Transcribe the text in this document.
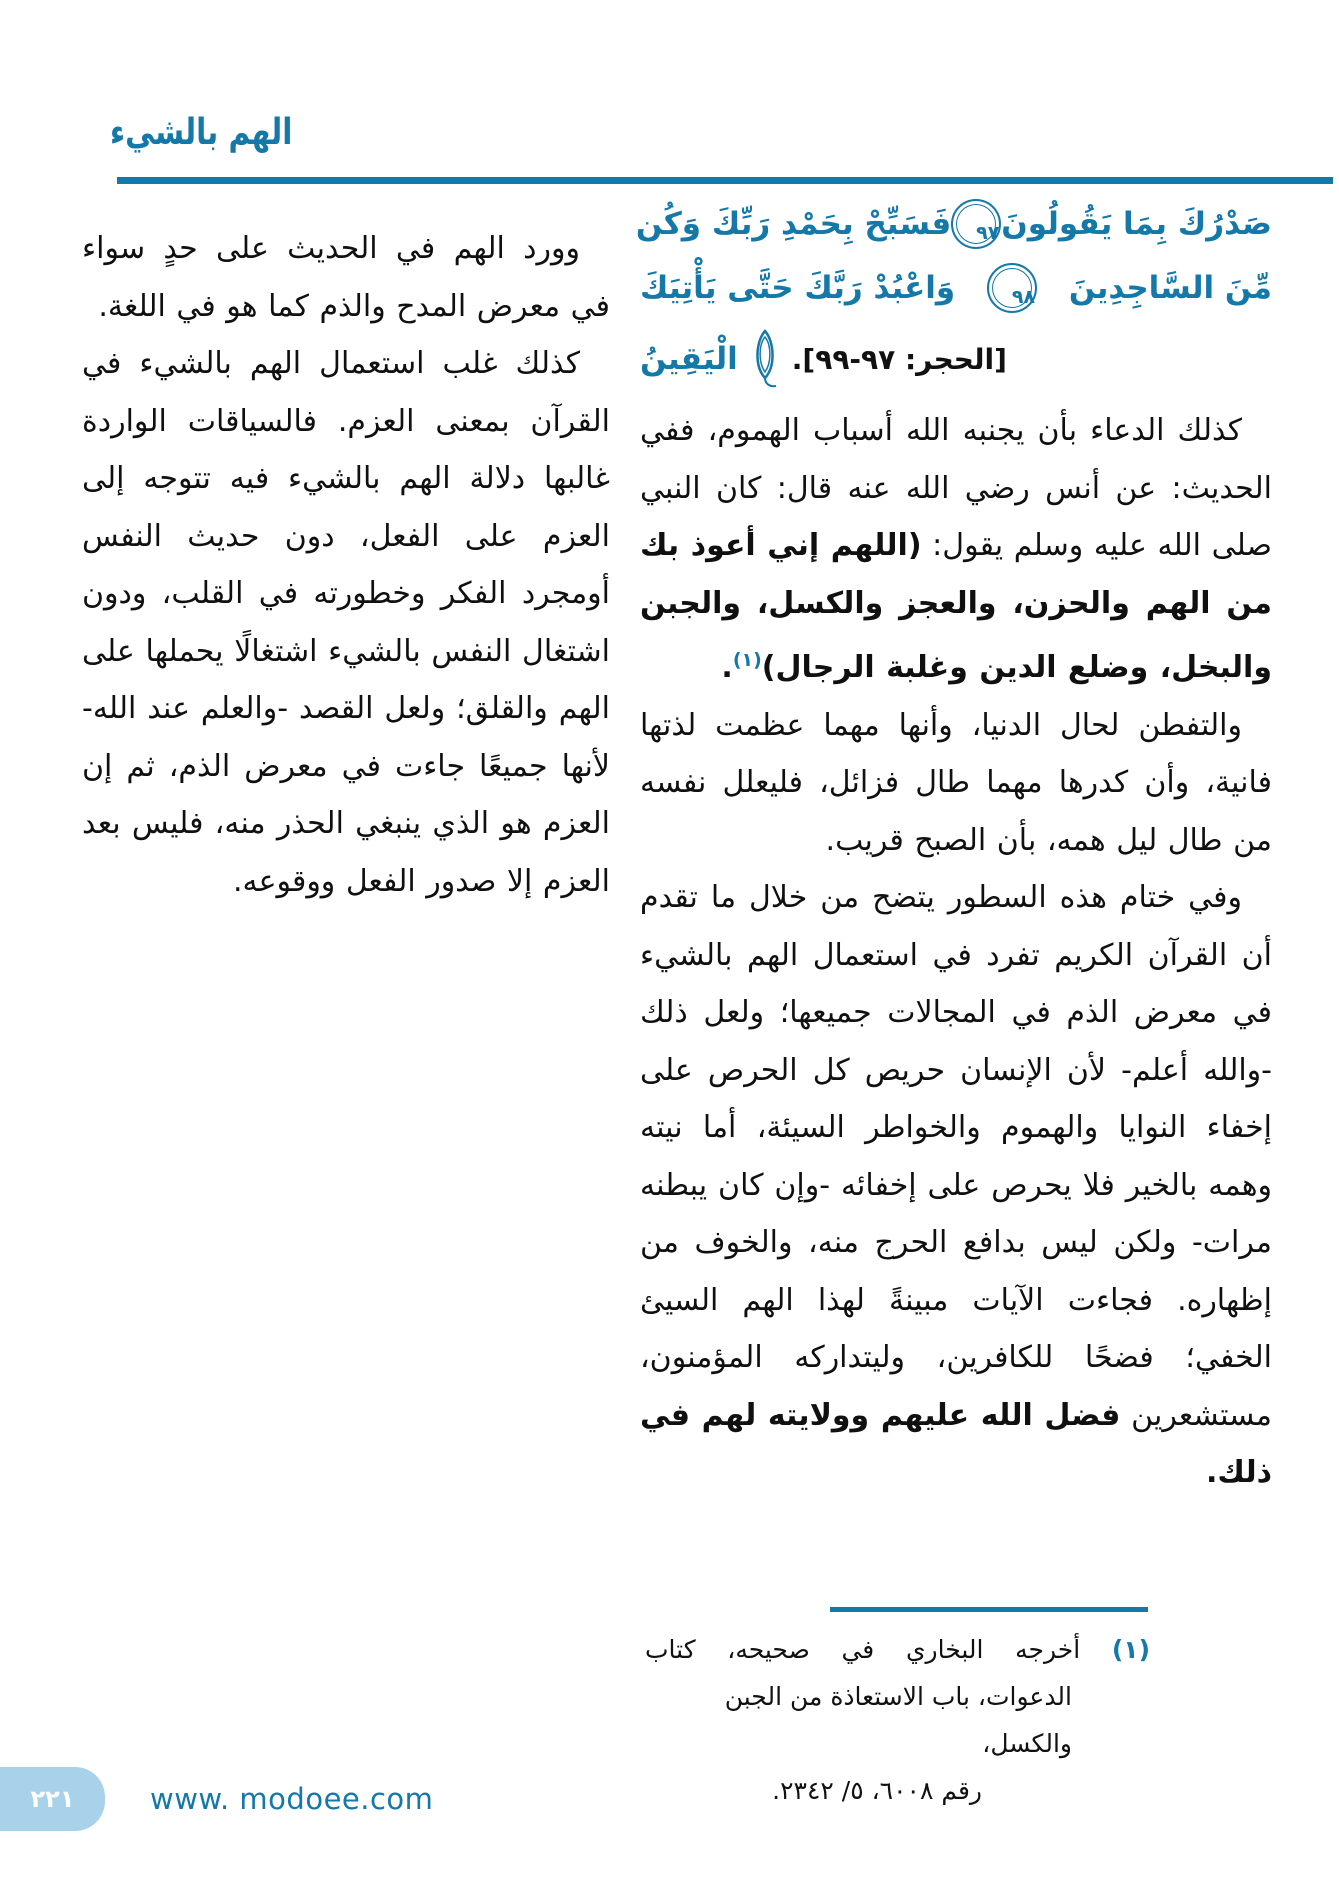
الهم بالشيء
صَدْرُكَ بِمَا يَقُولُونَ
٩٧
فَسَبِّحْ بِحَمْدِ رَبِّكَ وَكُن
مِّنَ السَّاجِدِينَ
٩٨
وَاعْبُدْ رَبَّكَ حَتَّى يَأْتِيَكَ
الْيَقِينُ [الحجر: ٩٧-٩٩].

كذلك الدعاء بأن يجنبه الله أسباب الهموم، ففي الحديث: عن أنس رضي الله عنه قال: كان النبي صلى الله عليه وسلم يقول: (اللهم إني أعوذ بك من الهم والحزن، والعجز والكسل، والجبن والبخل، وضلع الدين وغلبة الرجال)$^{(١)}$.

والتفطن لحال الدنيا، وأنها مهما عظمت لذتها فانية، وأن كدرها مهما طال فزائل، فليعلل نفسه من طال ليل همه، بأن الصبح قريب.

وفي ختام هذه السطور يتضح من خلال ما تقدم أن القرآن الكريم تفرد في استعمال الهم بالشيء في معرض الذم في المجالات جميعها؛ ولعل ذلك -والله أعلم- لأن الإنسان حريص كل الحرص على إخفاء النوايا والهموم والخواطر السيئة، أما نيته وهمه بالخير فلا يحرص على إخفائه -وإن كان يبطنه مرات- ولكن ليس بدافع الحرج منه، والخوف من إظهاره. فجاءت الآيات مبينةً لهذا الهم السيئ الخفي؛ فضحًا للكافرين، وليتداركه المؤمنون، مستشعرين فضل الله عليهم وولايته لهم في ذلك.

وورد الهم في الحديث على حدٍ سواء في معرض المدح والذم كما هو في اللغة.

كذلك غلب استعمال الهم بالشيء في القرآن بمعنى العزم. فالسياقات الواردة غالبها دلالة الهم بالشيء فيه تتوجه إلى العزم على الفعل، دون حديث النفس أومجرد الفكر وخطورته في القلب، ودون اشتغال النفس بالشيء اشتغالًا يحملها على الهم والقلق؛ ولعل القصد -والعلم عند الله- لأنها جميعًا جاءت في معرض الذم، ثم إن العزم هو الذي ينبغي الحذر منه، فليس بعد العزم إلا صدور الفعل ووقوعه.

(١) أخرجه البخاري في صحيحه، كتاب
الدعوات، باب الاستعاذة من الجبن والكسل،
رقم ٦٠٠٨، ٥/ ٢٣٤٢.
٢٢١	www. modoee.com
